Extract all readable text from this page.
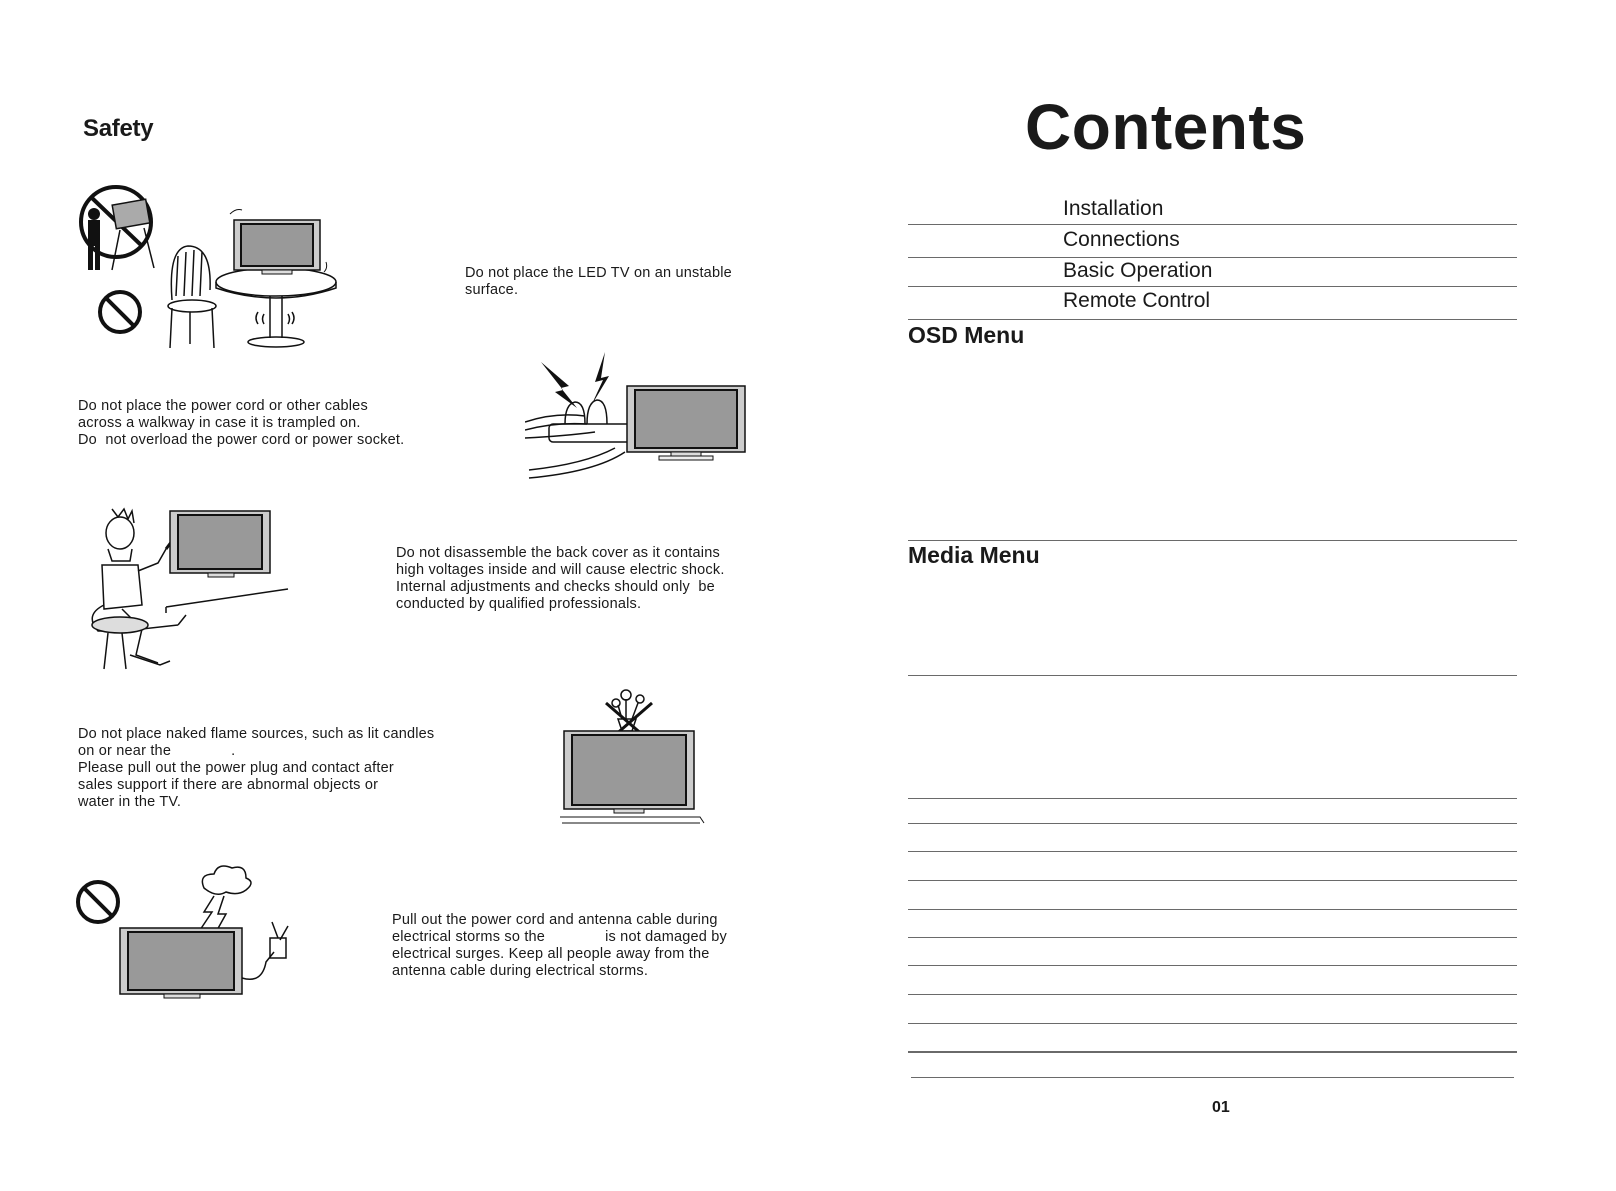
Safety
Do not place the LED TV on an unstable
surface.
Do not place the power cord or other cables
across a walkway in case it is trampled on.
Do  not overload the power cord or power socket.
Do not disassemble the back cover as it contains
high voltages inside and will cause electric shock.
Internal adjustments and checks should only  be
conducted by qualified professionals.
Do not place naked flame sources, such as lit candles
on or near the	.
Please pull out the power plug and contact after
sales support if there are abnormal objects or
water in the TV.
Pull out the power cord and antenna cable during
electrical storms so the	is not damaged by
electrical surges. Keep all people away from the
antenna cable during electrical storms.
Contents
Installation
Connections
Basic Operation
Remote Control
OSD Menu
Media Menu
01
